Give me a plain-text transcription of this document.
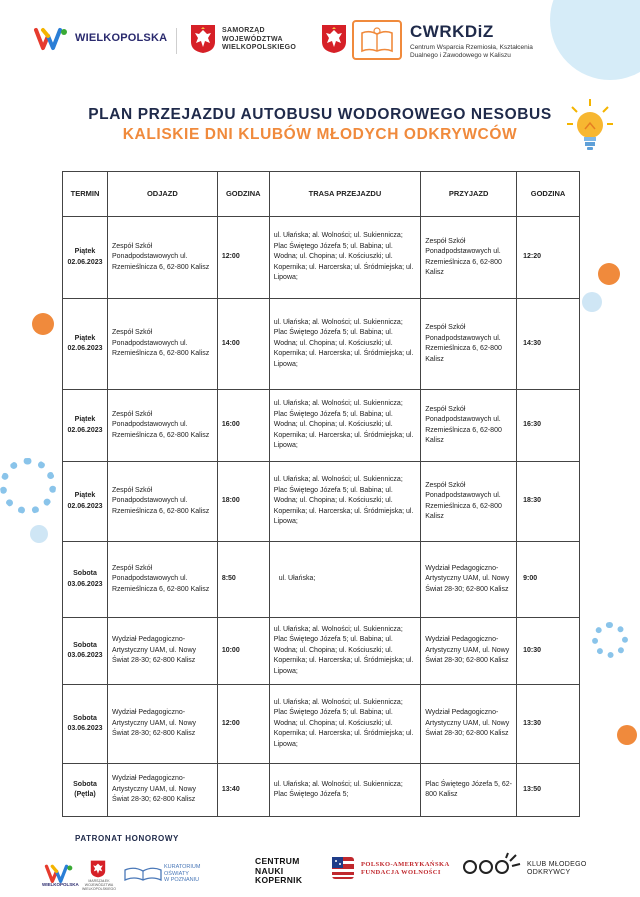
WIELKOPOLSKA
SAMORZĄD
WOJEWÓDZTWA
WIELKOPOLSKIEGO
CWRKDiZ
Centrum Wsparcia Rzemiosła, Kształcenia Dualnego i Zawodowego w Kaliszu
PLAN PRZEJAZDU AUTOBUSU WODOROWEGO NESOBUS
KALISKIE DNI KLUBÓW MŁODYCH ODKRYWCÓW
TERMIN	ODJAZD	GODZINA	TRASA PRZEJAZDU	PRZYJAZD	GODZINA

Piątek
02.06.2023	Zespół Szkół Ponadpodstawowych ul. Rzemieślnicza 6, 62-800 Kalisz	12:00	ul. Ułańska; al. Wolności; ul. Sukiennicza; Plac Świętego Józefa 5; ul. Babina; ul. Wodna; ul. Chopina; ul. Kościuszki; ul. Kopernika; ul. Harcerska; ul. Śródmiejska; ul. Lipowa;	Zespół Szkół Ponadpodstawowych ul. Rzemieślnicza 6, 62-800 Kalisz	12:20

Piątek
02.06.2023	Zespół Szkół Ponadpodstawowych ul. Rzemieślnicza 6, 62-800 Kalisz	14:00	ul. Ułańska; al. Wolności; ul. Sukiennicza; Plac Świętego Józefa 5; ul. Babina; ul. Wodna; ul. Chopina; ul. Kościuszki; ul. Kopernika; ul. Harcerska; ul. Śródmiejska; ul. Lipowa;	Zespół Szkół Ponadpodstawowych ul. Rzemieślnicza 6, 62-800 Kalisz	14:30

Piątek
02.06.2023	Zespół Szkół Ponadpodstawowych ul. Rzemieślnicza 6, 62-800 Kalisz	16:00	ul. Ułańska; al. Wolności; ul. Sukiennicza; Plac Świętego Józefa 5; ul. Babina; ul. Wodna; ul. Chopina; ul. Kościuszki; ul. Kopernika; ul. Harcerska; ul. Śródmiejska; ul. Lipowa;	Zespół Szkół Ponadpodstawowych ul. Rzemieślnicza 6, 62-800 Kalisz	16:30

Piątek
02.06.2023	Zespół Szkół Ponadpodstawowych ul. Rzemieślnicza 6, 62-800 Kalisz	18:00	ul. Ułańska; al. Wolności; ul. Sukiennicza; Plac Świętego Józefa 5; ul. Babina; ul. Wodna; ul. Chopina; ul. Kościuszki; ul. Kopernika; ul. Harcerska; ul. Śródmiejska; ul. Lipowa;	Zespół Szkół Ponadpodstawowych ul. Rzemieślnicza 6, 62-800 Kalisz	18:30

Sobota
03.06.2023	Zespół Szkół Ponadpodstawowych ul. Rzemieślnicza 6, 62-800 Kalisz	8:50	ul. Ułańska;	Wydział Pedagogiczno-Artystyczny UAM, ul. Nowy Świat 28-30; 62-800 Kalisz	9:00

Sobota
03.06.2023	Wydział Pedagogiczno-Artystyczny UAM, ul. Nowy Świat 28-30; 62-800 Kalisz	10:00	ul. Ułańska; al. Wolności; ul. Sukiennicza; Plac Świętego Józefa 5; ul. Babina; ul. Wodna; ul. Chopina; ul. Kościuszki; ul. Kopernika; ul. Harcerska; ul. Śródmiejska; ul. Lipowa;	Wydział Pedagogiczno-Artystyczny UAM, ul. Nowy Świat 28-30; 62-800 Kalisz	10:30

Sobota
03.06.2023	Wydział Pedagogiczno-Artystyczny UAM, ul. Nowy Świat 28-30; 62-800 Kalisz	12:00	ul. Ułańska; al. Wolności; ul. Sukiennicza; Plac Świętego Józefa 5; ul. Babina; ul. Wodna; ul. Chopina; ul. Kościuszki; ul. Kopernika; ul. Harcerska; ul. Śródmiejska; ul. Lipowa;	Wydział Pedagogiczno-Artystyczny UAM, ul. Nowy Świat 28-30; 62-800 Kalisz	13:30

Sobota
(Pętla)	Wydział Pedagogiczno-Artystyczny UAM, ul. Nowy Świat 28-30; 62-800 Kalisz	13:40	ul. Ułańska; al. Wolności; ul. Sukiennicza; Plac Świętego Józefa 5;	Plac Świętego Józefa 5, 62-800 Kalisz	13:50
PATRONAT HONOROWY
WIELKOPOLSKA
MARSZAŁEK WOJEWÓDZTWA WIELKOPOLSKIEGO
KURATORIUM
OŚWIATY
W POZNANIU
CENTRUM
NAUKI
KOPERNIK
POLSKO-AMERYKAŃSKA
FUNDACJA WOLNOŚCI
KLUB MŁODEGO
ODKRYWCY
